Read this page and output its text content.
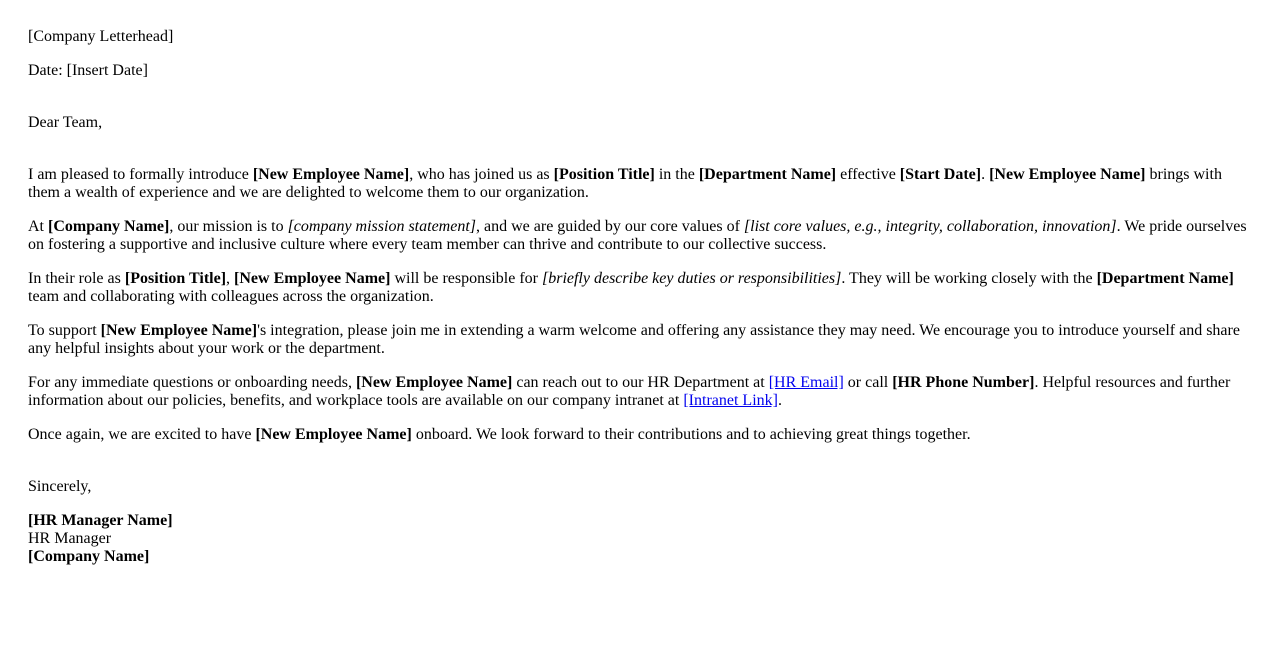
[Company Letterhead]

Date: [Insert Date]

Dear Team,

I am pleased to formally introduce [New Employee Name], who has joined us as [Position Title] in the [Department Name] effective [Start Date]. [New Employee Name] brings with them a wealth of experience and we are delighted to welcome them to our organization.

At [Company Name], our mission is to [company mission statement], and we are guided by our core values of [list core values, e.g., integrity, collaboration, innovation]. We pride ourselves on fostering a supportive and inclusive culture where every team member can thrive and contribute to our collective success.

In their role as [Position Title], [New Employee Name] will be responsible for [briefly describe key duties or responsibilities]. They will be working closely with the [Department Name] team and collaborating with colleagues across the organization.

To support [New Employee Name]'s integration, please join me in extending a warm welcome and offering any assistance they may need. We encourage you to introduce yourself and share any helpful insights about your work or the department.

For any immediate questions or onboarding needs, [New Employee Name] can reach out to our HR Department at [HR Email] or call [HR Phone Number]. Helpful resources and further information about our policies, benefits, and workplace tools are available on our company intranet at [Intranet Link].

Once again, we are excited to have [New Employee Name] onboard. We look forward to their contributions and to achieving great things together.

Sincerely,

[HR Manager Name]
HR Manager
[Company Name]
